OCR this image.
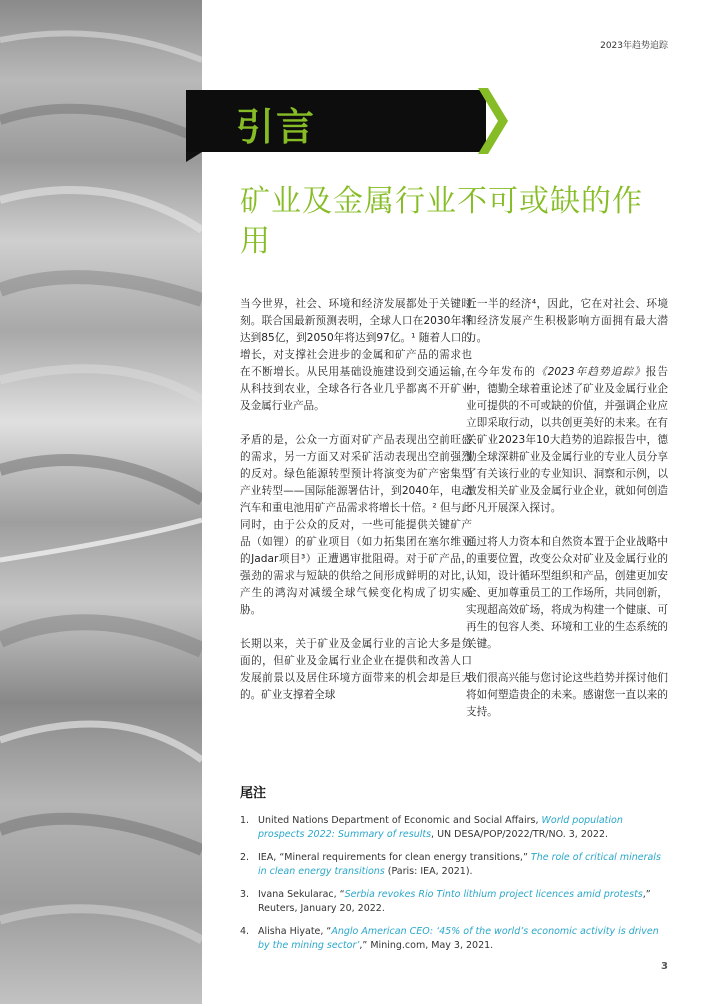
2023年趋势追踪
引言
矿业及金属行业不可或缺的作用

当今世界，社会、环境和经济发展都处于关键时刻。联合国最新预测表明，全球人口在2030年将达到85亿，到2050年将达到97亿。¹ 随着人口的增长，对支撑社会进步的金属和矿产品的需求也在不断增长。从民用基础设施建设到交通运输，从科技到农业，全球各行各业几乎都离不开矿业及金属行业产品。

矛盾的是，公众一方面对矿产品表现出空前旺盛的需求，另一方面又对采矿活动表现出空前强烈的反对。绿色能源转型预计将演变为矿产密集型产业转型——国际能源署估计，到2040年，电动汽车和重电池用矿产品需求将增长十倍。² 但与此同时，由于公众的反对，一些可能提供关键矿产品（如锂）的矿业项目（如力拓集团在塞尔维亚的Jadar项目³）正遭遇审批阻碍。对于矿产品，强劲的需求与短缺的供给之间形成鲜明的对比，产生的鸿沟对减缓全球气候变化构成了切实威胁。

长期以来，关于矿业及金属行业的言论大多是负面的，但矿业及金属行业企业在提供和改善人口发展前景以及居住环境方面带来的机会却是巨大的。矿业支撑着全球

近一半的经济⁴，因此，它在对社会、环境和经济发展产生积极影响方面拥有最大潜力。

在今年发布的《2023年趋势追踪》报告中，德勤全球着重论述了矿业及金属行业企业可提供的不可或缺的价值，并强调企业应立即采取行动，以共创更美好的未来。在有关矿业2023年10大趋势的追踪报告中，德勤全球深耕矿业及金属行业的专业人员分享了有关该行业的专业知识、洞察和示例，以激发相关矿业及金属行业企业，就如何创造不凡开展深入探讨。

通过将人力资本和自然资本置于企业战略中的重要位置，改变公众对矿业及金属行业的认知，设计循环型组织和产品，创建更加安全、更加尊重员工的工作场所，共同创新，实现超高效矿场，将成为构建一个健康、可再生的包容人类、环境和工业的生态系统的关键。

我们很高兴能与您讨论这些趋势并探讨他们将如何塑造贵企的未来。感谢您一直以来的支持。

尾注
1. United Nations Department of Economic and Social Affairs, World population prospects 2022: Summary of results, UN DESA/POP/2022/TR/NO. 3, 2022.
2. IEA, “Mineral requirements for clean energy transitions,” The role of critical minerals in clean energy transitions (Paris: IEA, 2021).
3. Ivana Sekularac, “Serbia revokes Rio Tinto lithium project licences amid protests,” Reuters, January 20, 2022.
4. Alisha Hiyate, “Anglo American CEO: ‘45% of the world’s economic activity is driven by the mining sector’,” Mining.com, May 3, 2021.
3
